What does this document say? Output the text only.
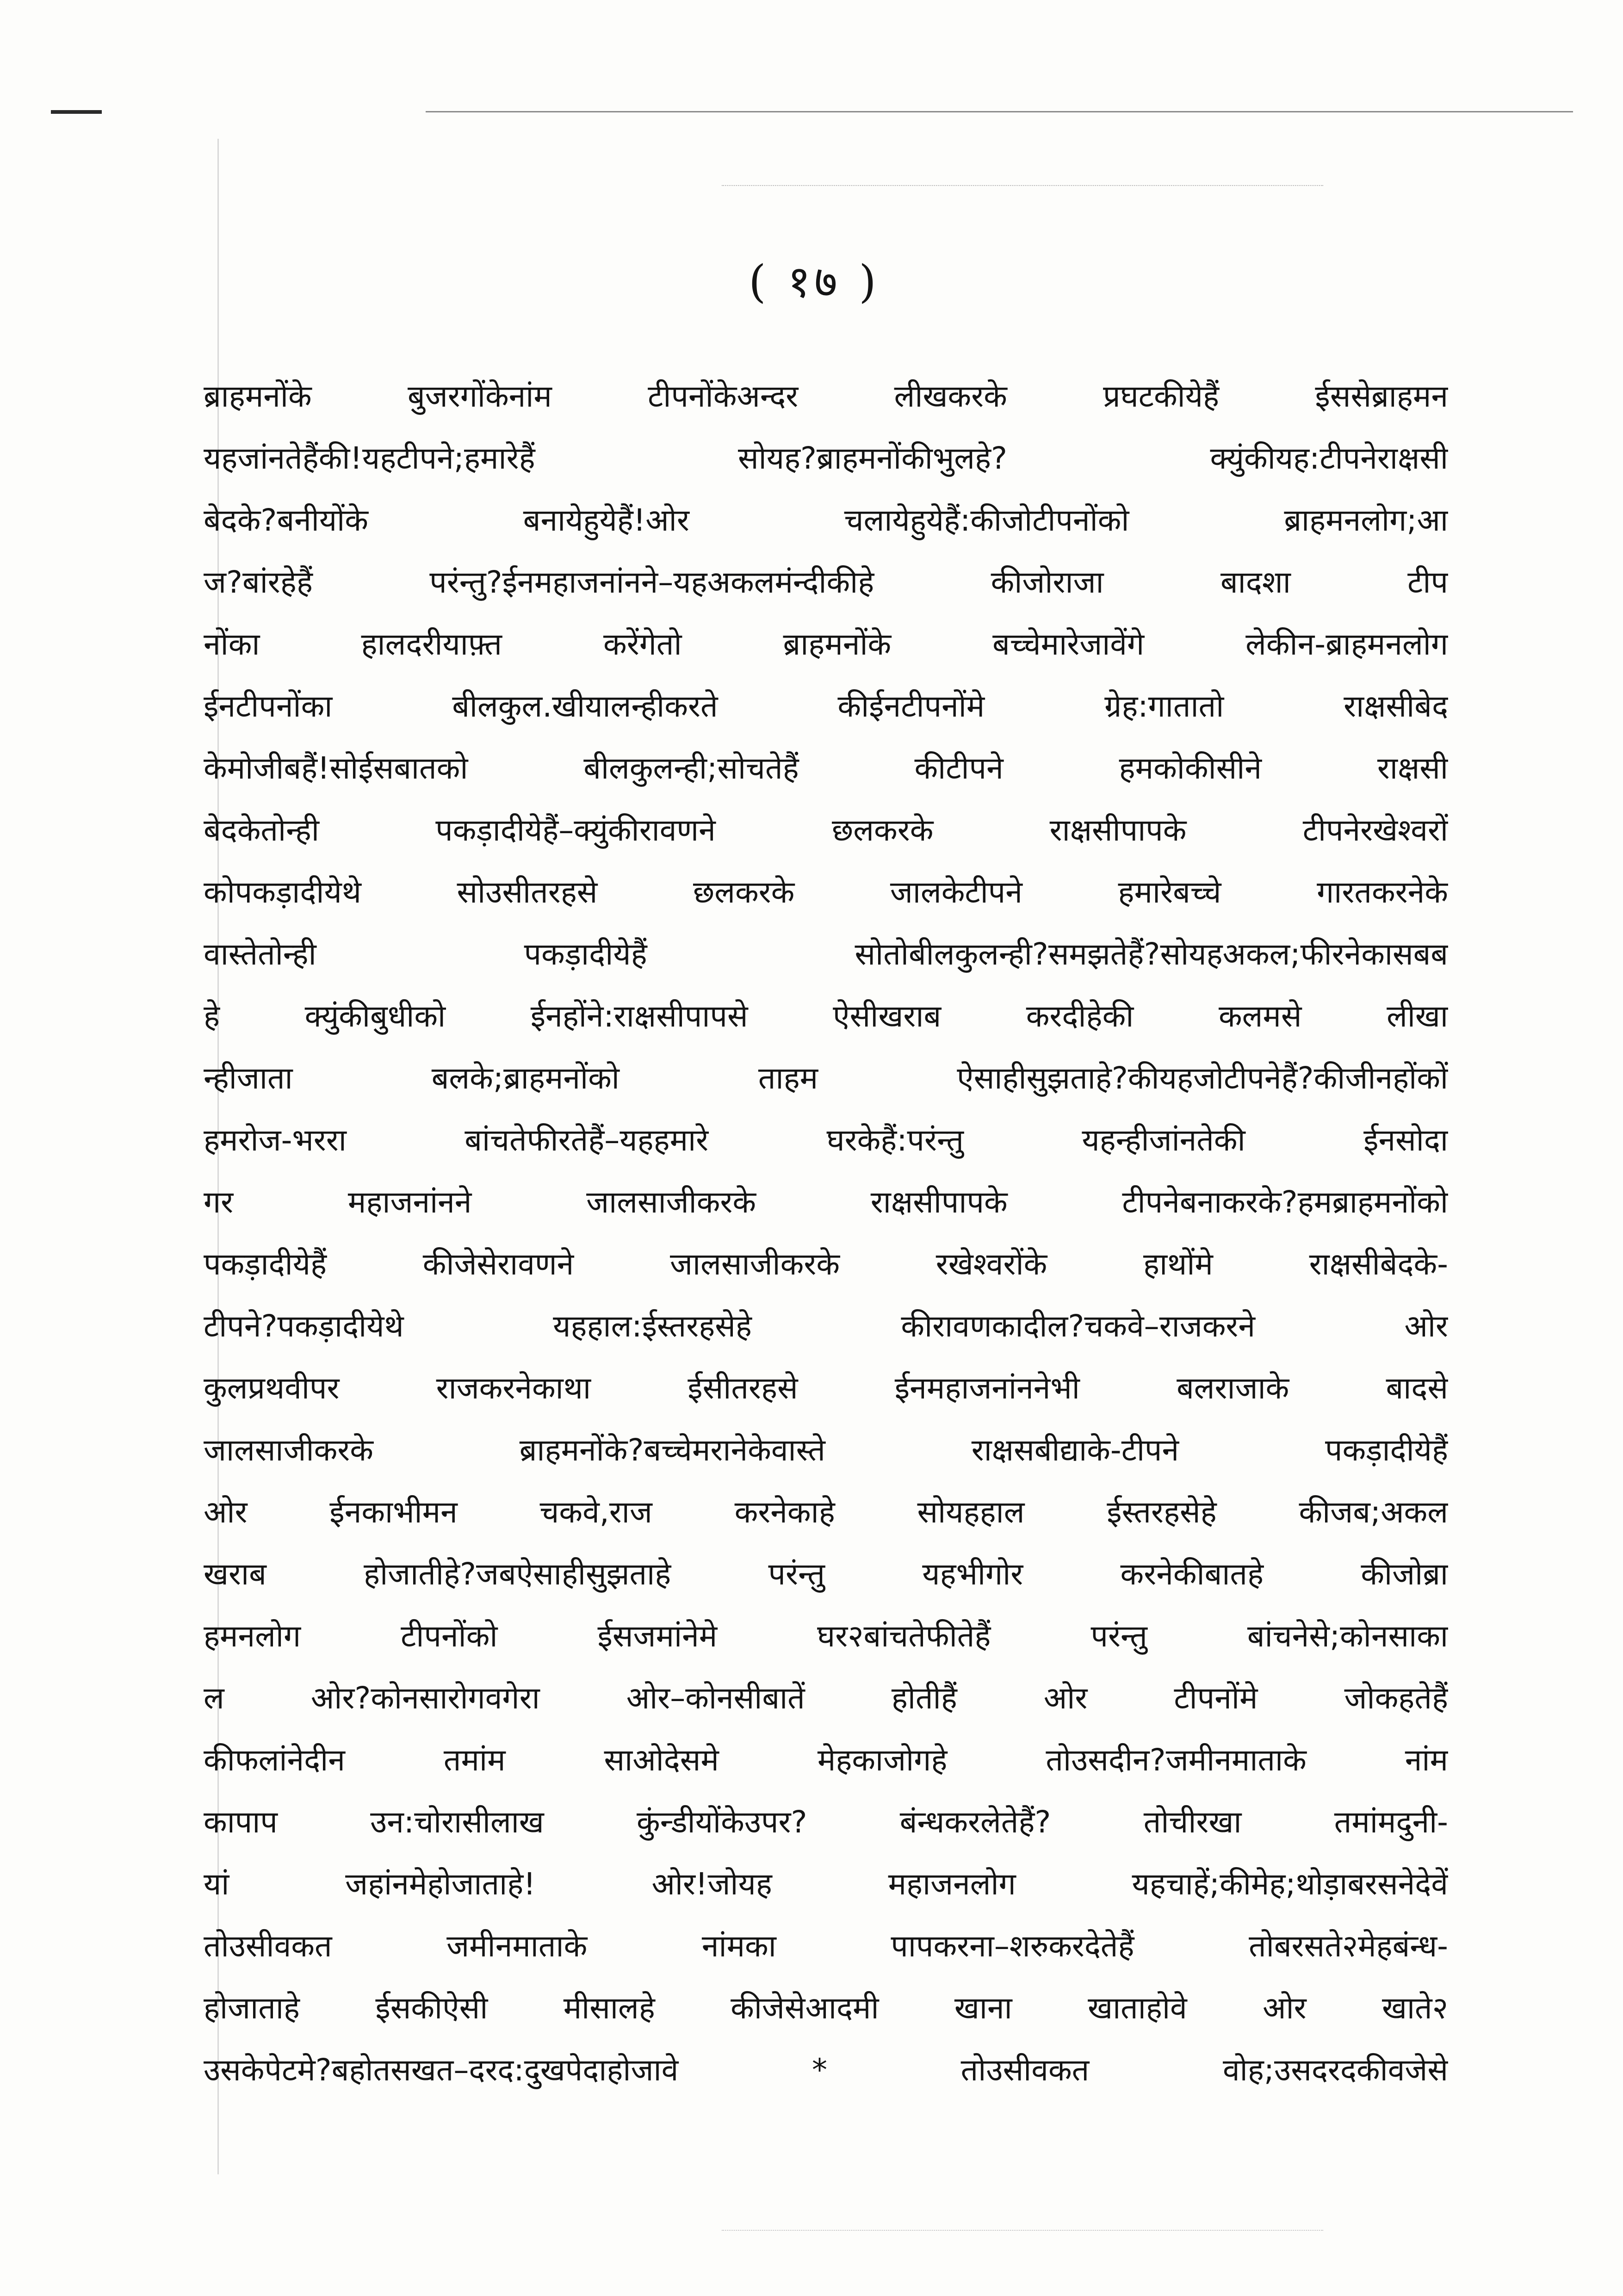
( १७ )
ब्राहमनोंके बुजरगोंकेनांम टीपनोंकेअन्दर लीखकरके प्रघटकीयेहैं ईससेब्राहमन
यहजांनतेहैंकी!यहटीपने;हमारेहैं सोयह?ब्राहमनोंकीभुलहे? क्युंकीयह:टीपनेराक्षसी
बेदके?बनीयोंके बनायेहुयेहैं!ओर चलायेहुयेहैं:कीजोटीपनोंको ब्राहमनलोग;आ
ज?बांरहेहैं परंन्तु?ईनमहाजनांनने–यहअकलमंन्दीकीहे कीजोराजा बादशा टीप
नोंका हालदरीयाफ़्त करेंगेतो ब्राहमनोंके बच्चेमारेजावेंगे लेकीन-ब्राहमनलोग
ईनटीपनोंका बीलकुल.खीयालन्हीकरते कीईनटीपनोंमे ग्रेह:गातातो राक्षसीबेद
केमोजीबहैं!सोईसबातको बीलकुलन्ही;सोचतेहैं कीटीपने हमकोकीसीने राक्षसी
बेदकेतोन्ही पकड़ादीयेहैं–क्युंकीरावणने छलकरके राक्षसीपापके टीपनेरखेश्वरों
कोपकड़ादीयेथे सोउसीतरहसे छलकरके जालकेटीपने हमारेबच्चे गारतकरनेके
वास्तेतोन्ही पकड़ादीयेहैं सोतोबीलकुलन्ही?समझतेहैं?सोयहअकल;फीरनेकासबब
हे क्युंकीबुधीको ईनहोंने:राक्षसीपापसे ऐसीखराब करदीहेकी कलमसे लीखा
न्हीजाता बलके;ब्राहमनोंको ताहम ऐसाहीसुझताहे?कीयहजोटीपनेहैं?कीजीनहोंकों
हमरोज-भररा बांचतेफीरतेहैं–यहहमारे घरकेहैं:परंन्तु यहन्हीजांनतेकी ईनसोदा
गर महाजनांनने जालसाजीकरके राक्षसीपापके टीपनेबनाकरके?हमब्राहमनोंको
पकड़ादीयेहैं कीजेसेरावणने जालसाजीकरके रखेश्वरोंके हाथोंमे राक्षसीबेदके-
टीपने?पकड़ादीयेथे यहहाल:ईस्तरहसेहे कीरावणकादील?चकवे–राजकरने ओर
कुलप्रथवीपर राजकरनेकाथा ईसीतरहसे ईनमहाजनांननेभी बलराजाके बादसे
जालसाजीकरके ब्राहमनोंके?बच्चेमरानेकेवास्ते राक्षसबीद्याके-टीपने पकड़ादीयेहैं
ओर ईनकाभीमन चकवे,राज करनेकाहे सोयहहाल ईस्तरहसेहे कीजब;अकल
खराब होजातीहे?जबऐसाहीसुझताहे परंन्तु यहभीगोर करनेकीबातहे कीजोब्रा
हमनलोग टीपनोंको ईसजमांनेमे घर२बांचतेफीतेहैं परंन्तु बांचनेसे;कोनसाका
ल ओर?कोनसारोगवगेरा ओर–कोनसीबातें होतीहैं ओर टीपनोंमे जोकहतेहैं
कीफलांनेदीन तमांम साओदेसमे मेहकाजोगहे तोउसदीन?जमीनमाताके नांम
कापाप उन:चोरासीलाख कुंन्डीयोंकेउपर? बंन्धकरलेतेहैं? तोचीरखा तमांमदुनी-
यां जहांनमेहोजाताहे! ओर!जोयह महाजनलोग यहचाहें;कीमेह;थोड़ाबरसनेदेवें
तोउसीवकत जमीनमाताके नांमका पापकरना–शरुकरदेतेहैं तोबरसते२मेहबंन्ध-
होजाताहे ईसकीऐसी मीसालहे कीजेसेआदमी खाना खाताहोवे ओर खाते२
उसकेपेटमे?बहोतसखत–दरद:दुखपेदाहोजावे * तोउसीवकत वोह;उसदरदकीवजेसे
